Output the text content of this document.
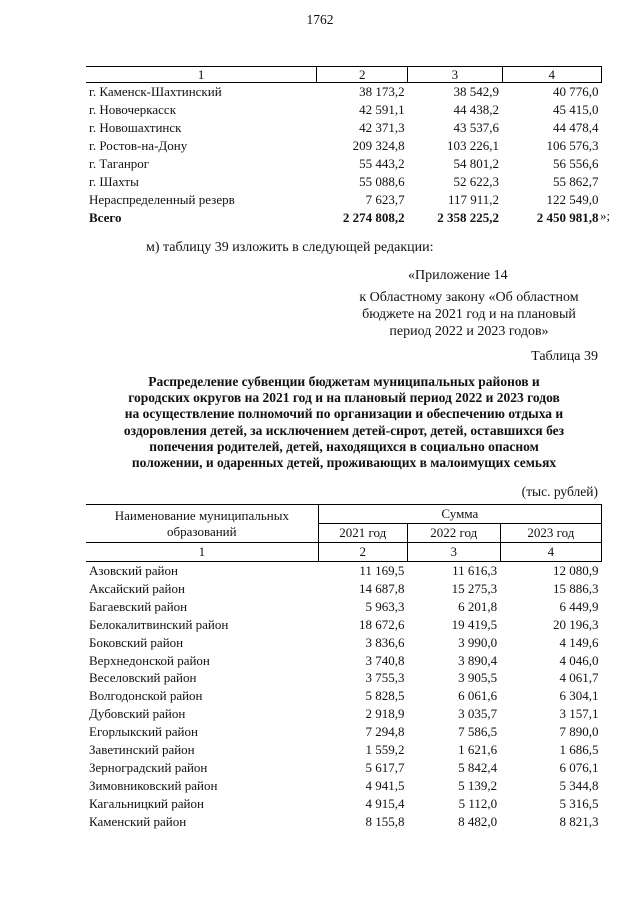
1762
1	2	3	4
г. Каменск-Шахтинский	38 173,2	38 542,9	40 776,0
г. Новочеркасск	42 591,1	44 438,2	45 415,0
г. Новошахтинск	42 371,3	43 537,6	44 478,4
г. Ростов-на-Дону	209 324,8	103 226,1	106 576,3
г. Таганрог	55 443,2	54 801,2	56 556,6
г. Шахты	55 088,6	52 622,3	55 862,7
Нераспределенный резерв	7 623,7	117 911,2	122 549,0
Всего	2 274 808,2	2 358 225,2	2 450 981,8 »;
м) таблицу 39 изложить в следующей редакции:
«Приложение 14
к Областному закону «Об областном
бюджете на 2021 год и на плановый
период 2022 и 2023 годов»
Таблица 39
Распределение субвенции бюджетам муниципальных районов и
городских округов на 2021 год и на плановый период 2022 и 2023 годов
на осуществление полномочий по организации и обеспечению отдыха и
оздоровления детей, за исключением детей-сирот, детей, оставшихся без
попечения родителей, детей, находящихся в социально опасном
положении, и одаренных детей, проживающих в малоимущих семьях
(тыс. рублей)
Наименование муниципальных
образований	Сумма		
	2021 год	2022 год	2023 год
1	2	3	4
Азовский район	11 169,5	11 616,3	12 080,9
Аксайский район	14 687,8	15 275,3	15 886,3
Багаевский район	5 963,3	6 201,8	6 449,9
Белокалитвинский район	18 672,6	19 419,5	20 196,3
Боковский район	3 836,6	3 990,0	4 149,6
Верхнедонской район	3 740,8	3 890,4	4 046,0
Веселовский район	3 755,3	3 905,5	4 061,7
Волгодонской район	5 828,5	6 061,6	6 304,1
Дубовский район	2 918,9	3 035,7	3 157,1
Егорлыкский район	7 294,8	7 586,5	7 890,0
Заветинский район	1 559,2	1 621,6	1 686,5
Зерноградский район	5 617,7	5 842,4	6 076,1
Зимовниковский район	4 941,5	5 139,2	5 344,8
Кагальницкий район	4 915,4	5 112,0	5 316,5
Каменский район	8 155,8	8 482,0	8 821,3
